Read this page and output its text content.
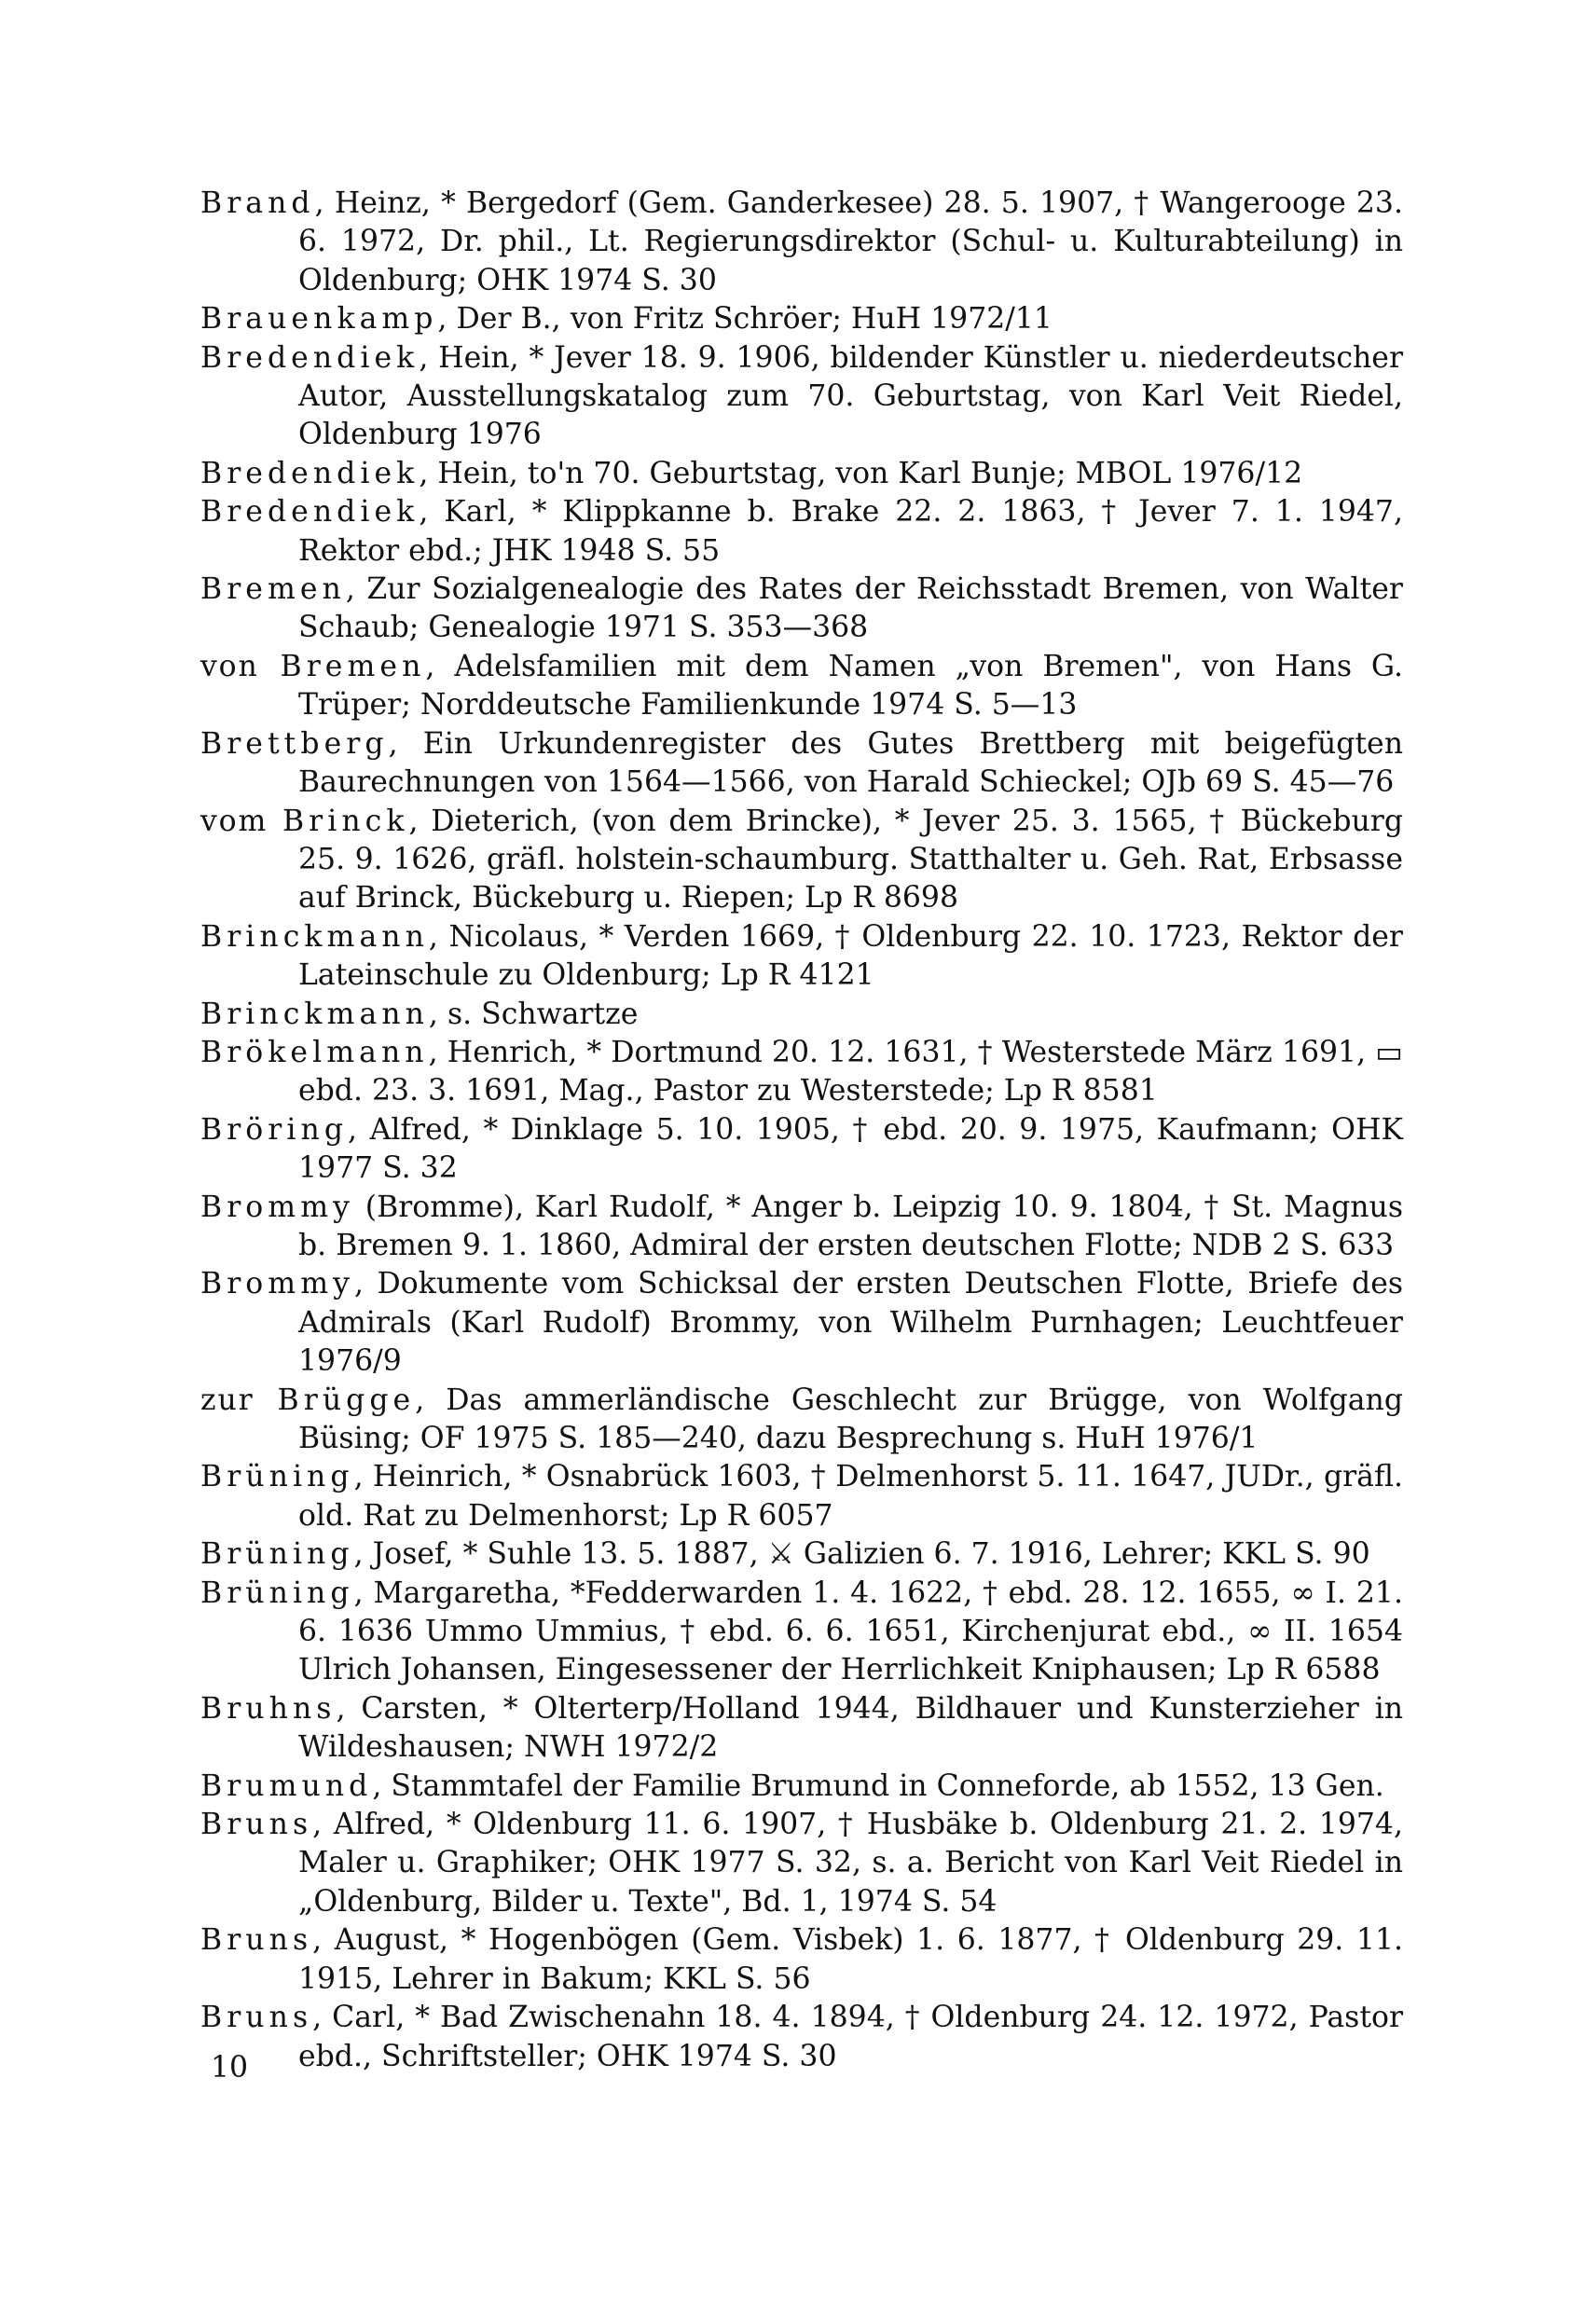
Brand, Heinz, * Bergedorf (Gem. Ganderkesee) 28. 5. 1907, † Wangerooge 23. 6. 1972, Dr. phil., Lt. Regierungsdirektor (Schul- u. Kulturabteilung) in Oldenburg; OHK 1974 S. 30

Brauenkamp, Der B., von Fritz Schröer; HuH 1972/11

Bredendiek, Hein, * Jever 18. 9. 1906, bildender Künstler u. niederdeutscher Autor, Ausstellungskatalog zum 70. Geburtstag, von Karl Veit Riedel, Oldenburg 1976

Bredendiek, Hein, to'n 70. Geburtstag, von Karl Bunje; MBOL 1976/12

Bredendiek, Karl, * Klippkanne b. Brake 22. 2. 1863, † Jever 7. 1. 1947, Rektor ebd.; JHK 1948 S. 55

Bremen, Zur Sozialgenealogie des Rates der Reichsstadt Bremen, von Walter Schaub; Genealogie 1971 S. 353—368

von Bremen, Adelsfamilien mit dem Namen „von Bremen", von Hans G. Trüper; Norddeutsche Familienkunde 1974 S. 5—13

Brettberg, Ein Urkundenregister des Gutes Brettberg mit beigefügten Baurechnungen von 1564—1566, von Harald Schieckel; OJb 69 S. 45—76

vom Brinck, Dieterich, (von dem Brincke), * Jever 25. 3. 1565, † Bückeburg 25. 9. 1626, gräfl. holstein-schaumburg. Statthalter u. Geh. Rat, Erbsasse auf Brinck, Bückeburg u. Riepen; Lp R 8698

Brinckmann, Nicolaus, * Verden 1669, † Oldenburg 22. 10. 1723, Rektor der Lateinschule zu Oldenburg; Lp R 4121

Brinckmann, s. Schwartze

Brökelmann, Henrich, * Dortmund 20. 12. 1631, † Westerstede März 1691, ▭ ebd. 23. 3. 1691, Mag., Pastor zu Westerstede; Lp R 8581

Bröring, Alfred, * Dinklage 5. 10. 1905, † ebd. 20. 9. 1975, Kaufmann; OHK 1977 S. 32

Brommy (Bromme), Karl Rudolf, * Anger b. Leipzig 10. 9. 1804, † St. Magnus b. Bremen 9. 1. 1860, Admiral der ersten deutschen Flotte; NDB 2 S. 633

Brommy, Dokumente vom Schicksal der ersten Deutschen Flotte, Briefe des Admirals (Karl Rudolf) Brommy, von Wilhelm Purnhagen; Leuchtfeuer 1976/9

zur Brügge, Das ammerländische Geschlecht zur Brügge, von Wolfgang Büsing; OF 1975 S. 185—240, dazu Besprechung s. HuH 1976/1

Brüning, Heinrich, * Osnabrück 1603, † Delmenhorst 5. 11. 1647, JUDr., gräfl. old. Rat zu Delmenhorst; Lp R 6057

Brüning, Josef, * Suhle 13. 5. 1887, ⚔ Galizien 6. 7. 1916, Lehrer; KKL S. 90

Brüning, Margaretha, *Fedderwarden 1. 4. 1622, † ebd. 28. 12. 1655, ∞ I. 21. 6. 1636 Ummo Ummius, † ebd. 6. 6. 1651, Kirchenjurat ebd., ∞ II. 1654 Ulrich Johansen, Eingesessener der Herrlichkeit Kniphausen; Lp R 6588

Bruhns, Carsten, * Olterterp/Holland 1944, Bildhauer und Kunsterzieher in Wildeshausen; NWH 1972/2

Brumund, Stammtafel der Familie Brumund in Conneforde, ab 1552, 13 Gen.

Bruns, Alfred, * Oldenburg 11. 6. 1907, † Husbäke b. Oldenburg 21. 2. 1974, Maler u. Graphiker; OHK 1977 S. 32, s. a. Bericht von Karl Veit Riedel in „Oldenburg, Bilder u. Texte", Bd. 1, 1974 S. 54

Bruns, August, * Hogenbögen (Gem. Visbek) 1. 6. 1877, † Oldenburg 29. 11. 1915, Lehrer in Bakum; KKL S. 56

Bruns, Carl, * Bad Zwischenahn 18. 4. 1894, † Oldenburg 24. 12. 1972, Pastor ebd., Schriftsteller; OHK 1974 S. 30

10
